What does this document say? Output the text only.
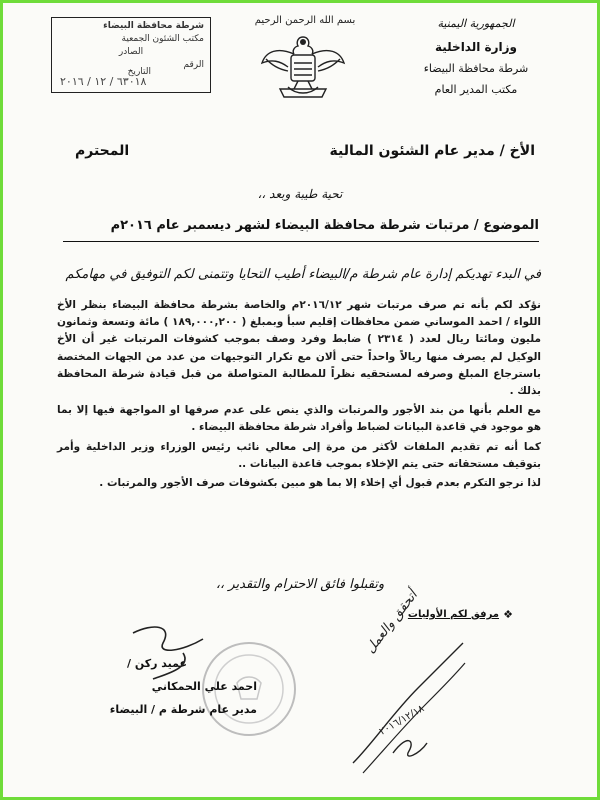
الجمهورية اليمنية
وزارة الداخلية
شرطة محافظة البيضاء
مكتب المدير العام
بسم الله الرحمن الرحيم
شرطة محافظة البيضاء
مكتب الشئون الجمعية
الصادر
الرقم
٦٣٠١٨ / ١٢ / ٢٠١٦
التاريخ
الأخ / مدير عام الشئون المالية
المحترم
تحية طيبة وبعد ،،
الموضوع / مرتبات شرطة محافظة البيضاء لشهر ديسمبر عام ٢٠١٦م
في البدء تهديكم إدارة عام شرطة م/البيضاء أطيب التحايا وتتمنى لكم التوفيق في مهامكم

نؤكد لكم بأنه تم صرف مرتبات شهر ٢٠١٦/١٢م والخاصة بشرطة محافظة البيضاء بنظر الأخ اللواء / احمد الموساني ضمن محافظات إقليم سبأ وبمبلغ ( ١٨٩,٠٠٠,٢٠٠ ) مائة وتسعة وثمانون مليون ومائتا ريال لعدد ( ٢٣١٤ ) ضابط وفرد وصف بموجب كشوفات المرتبات غير أن الأخ الوكيل لم يصرف منها ريالاً واحداً حتى ألان مع تكرار التوجيهات من عدد من الجهات المختصة باسترجاع المبلغ وصرفه لمستحقيه نظراً للمطالبة المتواصلة من قبل قيادة شرطة المحافظة بذلك .

مع العلم بأنها من بند الأجور والمرتبات والذي ينص على عدم صرفها او المواجهة فيها إلا بما هو موجود في قاعدة البيانات لضباط وأفراد شرطة محافظة البيضاء .

كما أنه تم تقديم الملفات لأكثر من مرة إلى معالي نائب رئيس الوزراء وزير الداخلية وأمر بتوقيف مستحقاته حتى يتم الإخلاء بموجب قاعدة البيانات ..

لذا نرجو التكرم بعدم قبول أي إخلاء إلا بما هو مبين بكشوفات صرف الأجور والمرتبات .

وتقبلوا فائق الاحترام والتقدير ،،
❖
مرفق لكم الأوليات
عميد ركن /
احمد علي الحمكاني
مدير عام شرطة م / البيضاء
أتحقق والعمل
٢٠١٦/١٢/١٨
